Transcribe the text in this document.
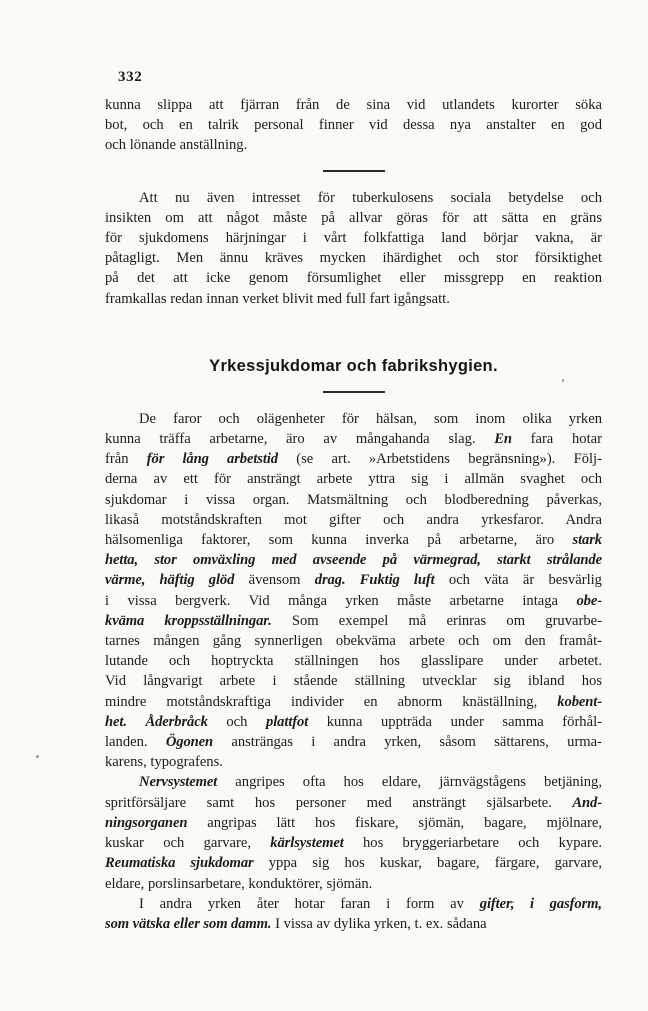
332
kunna slippa att fjärran från de sina vid utlandets kurorter söka
bot, och en talrik personal finner vid dessa nya anstalter en god
och lönande anställning.
Att nu även intresset för tuberkulosens sociala betydelse och
insikten om att något måste på allvar göras för att sätta en gräns
för sjukdomens härjningar i vårt folkfattiga land börjar vakna, är
påtagligt. Men ännu kräves mycken ihärdighet och stor försiktighet
på det att icke genom försumlighet eller missgrepp en reaktion
framkallas redan innan verket blivit med full fart igångsatt.
Yrkessjukdomar och fabrikshygien.
De faror och olägenheter för hälsan, som inom olika yrken
kunna träffa arbetarne, äro av mångahanda slag. En fara hotar
från för lång arbetstid (se art. »Arbetstidens begränsning»). Följ-
derna av ett för ansträngt arbete yttra sig i allmän svaghet och
sjukdomar i vissa organ. Matsmältning och blodberedning påverkas,
likaså motståndskraften mot gifter och andra yrkesfaror. Andra
hälsomenliga faktorer, som kunna inverka på arbetarne, äro stark
hetta, stor omväxling med avseende på värmegrad, starkt strålande
värme, häftig glöd ävensom drag. Fuktig luft och väta är besvärlig
i vissa bergverk. Vid många yrken måste arbetarne intaga obe-
kväma kroppsställningar. Som exempel må erinras om gruvarbe-
tarnes mången gång synnerligen obekväma arbete och om den framåt-
lutande och hoptryckta ställningen hos glasslipare under arbetet.
Vid långvarigt arbete i stående ställning utvecklar sig ibland hos
mindre motståndskraftiga individer en abnorm knäställning, kobent-
het. Åderbråck och plattfot kunna uppträda under samma förhål-
landen. Ögonen ansträngas i andra yrken, såsom sättarens, urma-
karens, typografens.
Nervsystemet angripes ofta hos eldare, järnvägstågens betjäning,
spritförsäljare samt hos personer med ansträngt själsarbete. And-
ningsorganen angripas lätt hos fiskare, sjömän, bagare, mjölnare,
kuskar och garvare, kärlsystemet hos bryggeriarbetare och kypare.
Reumatiska sjukdomar yppa sig hos kuskar, bagare, färgare, garvare,
eldare, porslinsarbetare, konduktörer, sjömän.
I andra yrken åter hotar faran i form av gifter, i gasform,
som vätska eller som damm. I vissa av dylika yrken, t. ex. sådana
